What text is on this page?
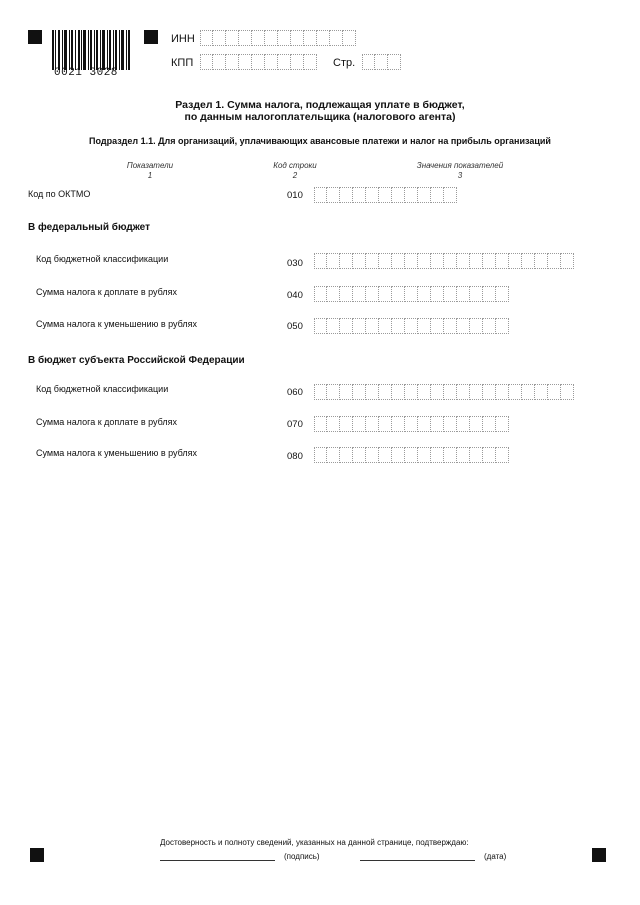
0021 3028
ИНН
КПП	Стр.
Раздел 1. Сумма налога, подлежащая уплате в бюджет,
по данным налогоплательщика (налогового агента)
Подраздел 1.1. Для организаций, уплачивающих авансовые платежи и налог на прибыль организаций
Показатели
1
Код строки
2
Значения показателей
3
Код по ОКТМО	010
В федеральный бюджет
Код бюджетной классификации	030
Сумма налога к доплате в рублях	040
Сумма налога к уменьшению в рублях	050
В бюджет субъекта Российской Федерации
Код бюджетной классификации	060
Сумма налога к доплате в рублях	070
Сумма налога к уменьшению в рублях	080
Достоверность и полноту сведений, указанных на данной странице, подтверждаю:
(подпись)	(дата)
